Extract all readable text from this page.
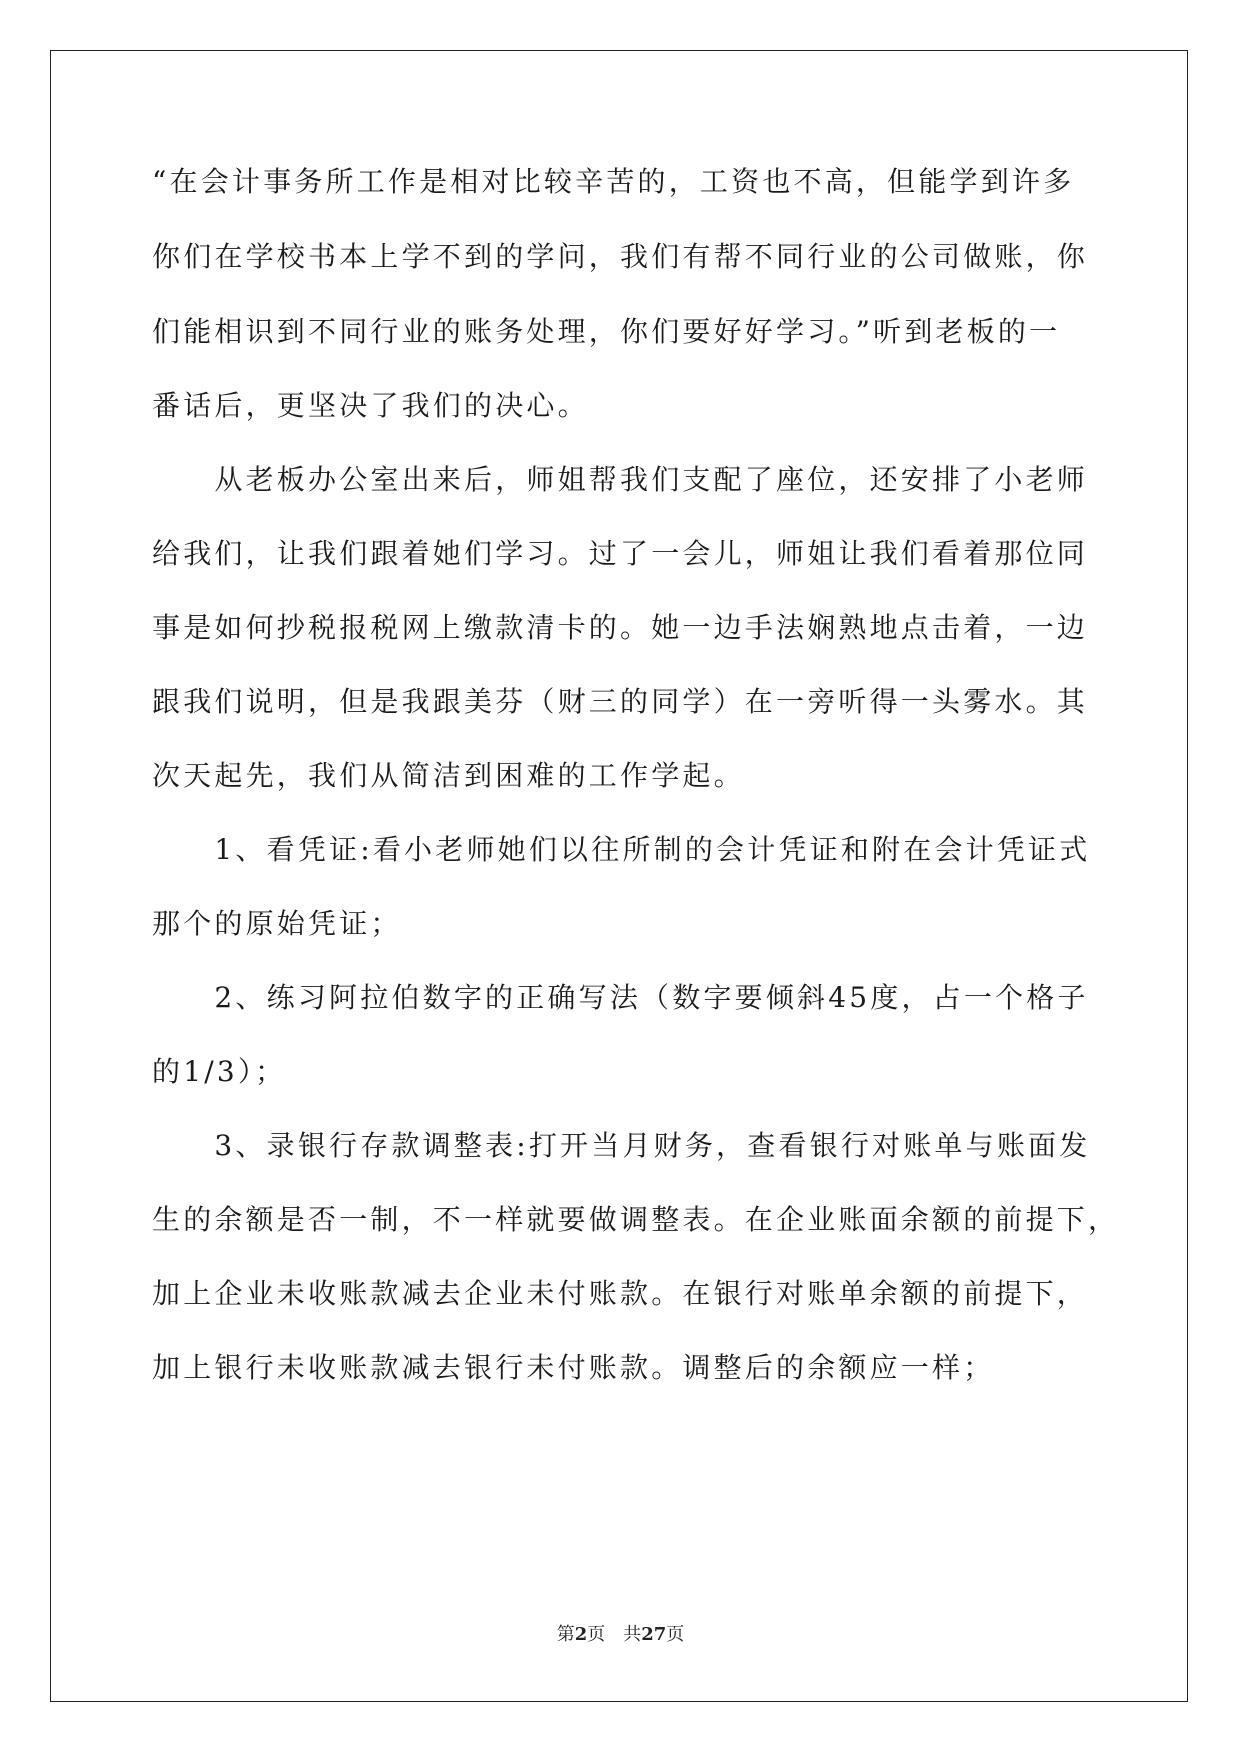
“在会计事务所工作是相对比较辛苦的，工资也不高，但能学到许多
你们在学校书本上学不到的学问，我们有帮不同行业的公司做账，你
们能相识到不同行业的账务处理，你们要好好学习。”听到老板的一
番话后，更坚决了我们的决心。
　　从老板办公室出来后，师姐帮我们支配了座位，还安排了小老师
给我们，让我们跟着她们学习。过了一会儿，师姐让我们看着那位同
事是如何抄税报税网上缴款清卡的。她一边手法娴熟地点击着，一边
跟我们说明，但是我跟美芬（财三的同学）在一旁听得一头雾水。其
次天起先，我们从简洁到困难的工作学起。
　　1、看凭证:看小老师她们以往所制的会计凭证和附在会计凭证式
那个的原始凭证；
　　2、练习阿拉伯数字的正确写法（数字要倾斜45度，占一个格子
的1/3）；
　　3、录银行存款调整表:打开当月财务，查看银行对账单与账面发
生的余额是否一制，不一样就要做调整表。在企业账面余额的前提下，
加上企业未收账款减去企业未付账款。在银行对账单余额的前提下，
加上银行未收账款减去银行未付账款。调整后的余额应一样；
第2页　共27页
